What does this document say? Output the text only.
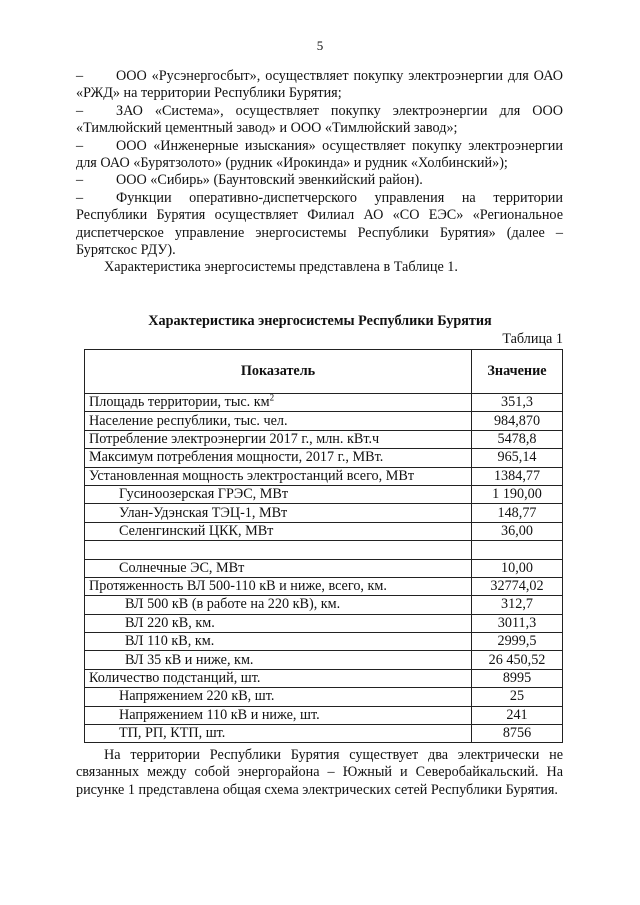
5

– ООО «Русэнергосбыт», осуществляет покупку электроэнергии для ОАО «РЖД» на территории Республики Бурятия;

– ЗАО «Система», осуществляет покупку электроэнергии для ООО «Тимлюйский цементный завод» и ООО «Тимлюйский завод»;

– ООО «Инженерные изыскания» осуществляет покупку электроэнергии для ОАО «Бурятзолото» (рудник «Ирокинда» и рудник «Холбинский»);

– ООО «Сибирь» (Баунтовский эвенкийский район).

– Функции оперативно-диспетчерского управления на территории Республики Бурятия осуществляет Филиал АО «СО ЕЭС» «Региональное диспетчерское управление энергосистемы Республики Бурятия» (далее – Бурятскос РДУ).

Характеристика энергосистемы представлена в Таблице 1.

Характеристика энергосистемы Республики Бурятия
Таблица 1
Показатель	Значение
Площадь территории, тыс. $км^2$	351,3
Население республики, тыс. чел.	984,870
Потребление электроэнергии 2017 г., млн. кВт.ч	5478,8
Максимум потребления мощности, 2017 г., МВт.	965,14
Установленная мощность электростанций всего, МВт	1384,77
Гусиноозерская ГРЭС, МВт	1 190,00
Улан-Удэнская ТЭЦ-1, МВт	148,77
Селенгинский ЦКК, МВт	36,00

Солнечные ЭС, МВт	10,00
Протяженность ВЛ 500-110 кВ и ниже, всего, км.	32774,02
ВЛ 500 кВ (в работе на 220 кВ), км.	312,7
ВЛ 220 кВ, км.	3011,3
ВЛ 110 кВ, км.	2999,5
ВЛ 35 кВ и ниже, км.	26 450,52
Количество подстанций, шт.	8995
Напряжением 220 кВ, шт.	25
Напряжением 110 кВ и ниже, шт.	241
ТП, РП, КТП, шт.	8756

На территории Республики Бурятия существует два электрически не связанных между собой энергорайона – Южный и Северобайкальский. На рисунке 1 представлена общая схема электрических сетей Республики Бурятия.
